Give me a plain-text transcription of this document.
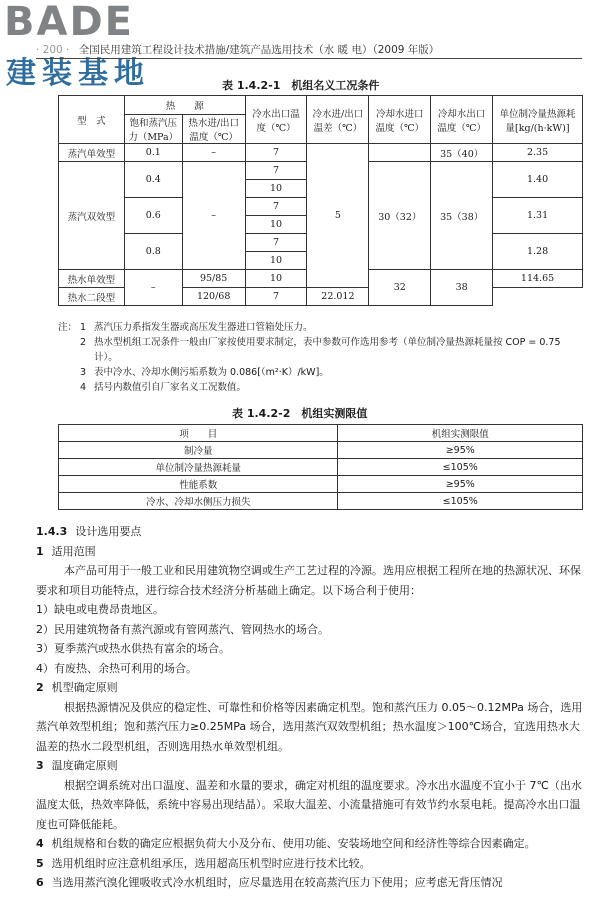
BADE
建装基地
· 200 · 全国民用建筑工程设计技术措施/建筑产品选用技术（水 暖 电）（2009 年版）
表 1.4.2-1　机组名义工况条件
型　式	热　　源		冷水出口温度（℃）	冷水进/出口温差（℃）	冷却水进口温度（℃）	冷却水出口温度（℃）	单位制冷量热源耗量[kg/(h·kW)]
	饱和蒸汽压力（MPa）	热水进/出口温度（℃）					
蒸汽单效型	0.1	–	7	5		35（40）	2.35
蒸汽双效型	0.4	–	7		30（32）	35（38）	1.40
			10				
	0.6		7				1.31
			10				
	0.8		7				1.28
			10				
热水单效型	–	95/85	10		32	38	114.65
热水二段型		120/68	7	22.012			
注： 1 蒸汽压力系指发生器或高压发生器进口管箱处压力。
2 热水型机组工况条件一般由厂家按使用要求制定，表中参数可作选用参考（单位制冷量热源耗量按 COP = 0.75 计）。
3 表中冷水、冷却水侧污垢系数为 0.086[（m²·K）/kW]。
4 括号内数值引自厂家名义工况数值。
表 1.4.2-2　机组实测限值
项　　目	机组实测限值
制冷量	≥95%
单位制冷量热源耗量	≤105%
性能系数	≥95%
冷水、冷却水侧压力损失	≤105%

1.4.3 设计选用要点

1 适用范围

本产品可用于一般工业和民用建筑物空调或生产工艺过程的冷源。选用应根据工程所在地的热源状况、环保要求和项目功能特点，进行综合技术经济分析基础上确定。以下场合利于使用：

1）缺电或电费昂贵地区。

2）民用建筑物备有蒸汽源或有管网蒸汽、管网热水的场合。

3）夏季蒸汽或热水供热有富余的场合。

4）有废热、余热可利用的场合。

2 机型确定原则

根据热源情况及供应的稳定性、可靠性和价格等因素确定机型。饱和蒸汽压力 0.05～0.12MPa 场合，选用蒸汽单效型机组；饱和蒸汽压力≥0.25MPa 场合，选用蒸汽双效型机组；热水温度＞100℃场合，宜选用热水大温差的热水二段型机组，否则选用热水单效型机组。

3 温度确定原则

根据空调系统对出口温度、温差和水量的要求，确定对机组的温度要求。冷水出水温度不宜小于 7℃（出水温度太低，热效率降低，系统中容易出现结晶）。采取大温差、小流量措施可有效节约水泵电耗。提高冷水出口温度也可降低能耗。

4 机组规格和台数的确定应根据负荷大小及分布、使用功能、安装场地空间和经济性等综合因素确定。

5 选用机组时应注意机组承压，选用超高压机型时应进行技术比较。

6 当选用蒸汽溴化锂吸收式冷水机组时，应尽量选用在较高蒸汽压力下使用；应考虑无背压情况
